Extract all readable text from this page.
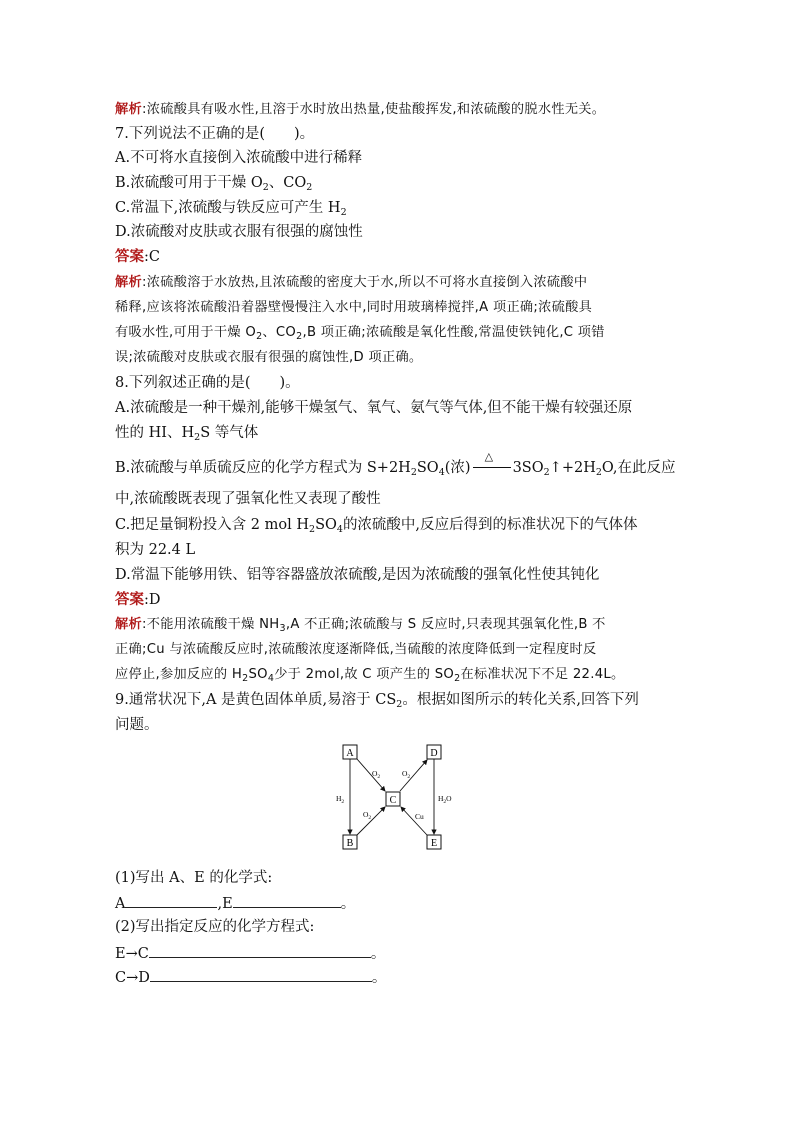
解析:浓硫酸具有吸水性,且溶于水时放出热量,使盐酸挥发,和浓硫酸的脱水性无关。
7.下列说法不正确的是(　　)。
A.不可将水直接倒入浓硫酸中进行稀释
B.浓硫酸可用于干燥 $O_2$、$CO_2$
C.常温下,浓硫酸与铁反应可产生 $H_2$
D.浓硫酸对皮肤或衣服有很强的腐蚀性
答案:C
解析:浓硫酸溶于水放热,且浓硫酸的密度大于水,所以不可将水直接倒入浓硫酸中
稀释,应该将浓硫酸沿着器壁慢慢注入水中,同时用玻璃棒搅拌,A 项正确;浓硫酸具
有吸水性,可用于干燥 $O_2$、$CO_2,B$ 项正确;浓硫酸是氧化性酸,常温使铁钝化,C 项错
误;浓硫酸对皮肤或衣服有很强的腐蚀性,D 项正确。
8.下列叙述正确的是(　　)。
A.浓硫酸是一种干燥剂,能够干燥氢气、氧气、氨气等气体,但不能干燥有较强还原
性的 HI、$H_2S$ 等气体
B.浓硫酸与单质硫反应的化学方程式为 $S+2H_2SO_4$(浓)
△
$3SO_2↑+2H_2O$,在此反应
中,浓硫酸既表现了强氧化性又表现了酸性
C.把足量铜粉投入含 2 mol $H_2SO_4$的浓硫酸中,反应后得到的标准状况下的气体体
积为 22.4 L
D.常温下能够用铁、铝等容器盛放浓硫酸,是因为浓硫酸的强氧化性使其钝化
答案:D
解析:不能用浓硫酸干燥 $NH_3,A$ 不正确;浓硫酸与 S 反应时,只表现其强氧化性,B 不
正确;Cu 与浓硫酸反应时,浓硫酸浓度逐渐降低,当硫酸的浓度降低到一定程度时反
应停止,参加反应的 $H_2SO_4$少于 2mol,故 C 项产生的 $SO_2$在标准状况下不足 22.4L。
9.通常状况下,A 是黄色固体单质,易溶于 $CS_2$。根据如图所示的转化关系,回答下列
问题。
A	D
C
B	E
$O_2$	$O_2$
$O_2$	Cu
$H_2$	$H_2O$
(1)写出 A、E 的化学式:
A	,E	。
(2)写出指定反应的化学方程式:
E→C	。
C→D	。
